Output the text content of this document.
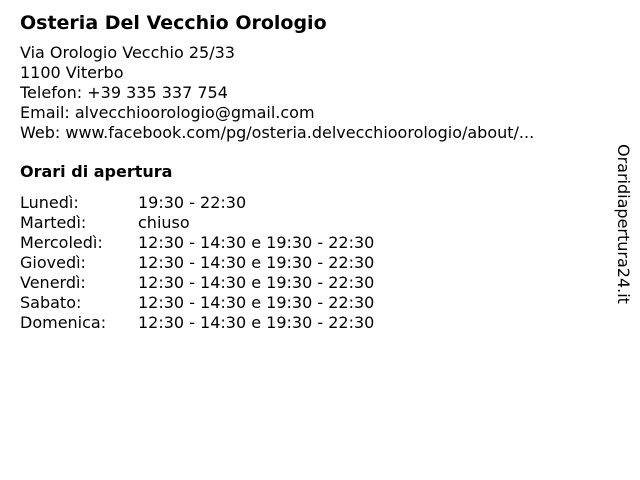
Osteria Del Vecchio Orologio
Via Orologio Vecchio 25/33
1100 Viterbo
Telefon: +39 335 337 754
Email: alvecchioorologio@gmail.com
Web: www.facebook.com/pg/osteria.delvecchioorologio/about/...
Orari di apertura
Lunedì:	19:30 - 22:30
Martedì:	chiuso
Mercoledì:	12:30 - 14:30 e 19:30 - 22:30
Giovedì:	12:30 - 14:30 e 19:30 - 22:30
Venerdì:	12:30 - 14:30 e 19:30 - 22:30
Sabato:	12:30 - 14:30 e 19:30 - 22:30
Domenica:	12:30 - 14:30 e 19:30 - 22:30
Oraridiapertura24.it
